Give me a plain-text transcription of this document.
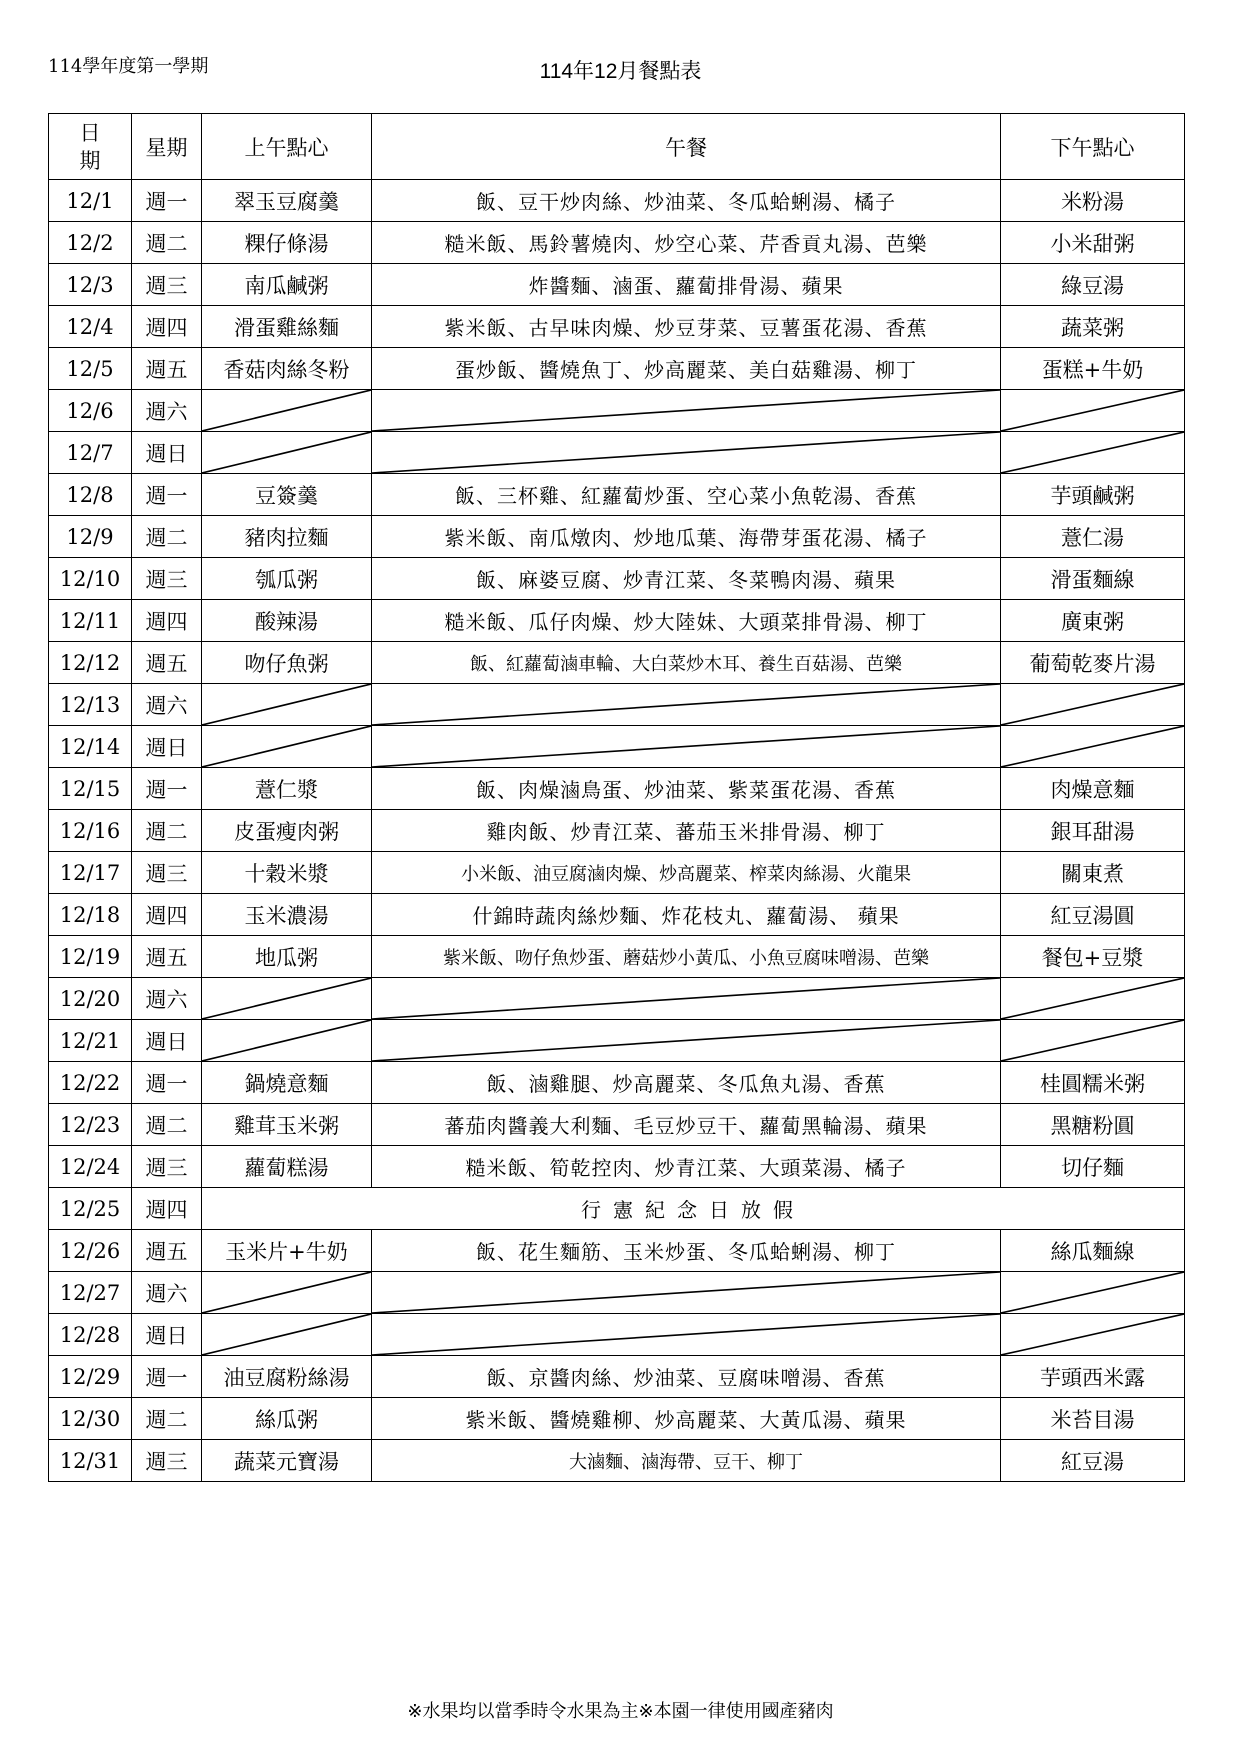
114學年度第一學期	114年12月餐點表
日
期	星期	上午點心	午餐	下午點心
12/1	週一	翠玉豆腐羹	飯、豆干炒肉絲、炒油菜、冬瓜蛤蜊湯、橘子	米粉湯
12/2	週二	粿仔條湯	糙米飯、馬鈴薯燒肉、炒空心菜、芹香貢丸湯、芭樂	小米甜粥
12/3	週三	南瓜鹹粥	炸醬麵、滷蛋、蘿蔔排骨湯、蘋果	綠豆湯
12/4	週四	滑蛋雞絲麵	紫米飯、古早味肉燥、炒豆芽菜、豆薯蛋花湯、香蕉	蔬菜粥
12/5	週五	香菇肉絲冬粉	蛋炒飯、醬燒魚丁、炒高麗菜、美白菇雞湯、柳丁	蛋糕+牛奶
12/6	週六	

12/7	週日	

12/8	週一	豆簽羹	飯、三杯雞、紅蘿蔔炒蛋、空心菜小魚乾湯、香蕉	芋頭鹹粥
12/9	週二	豬肉拉麵	紫米飯、南瓜燉肉、炒地瓜葉、海帶芽蛋花湯、橘子	薏仁湯
12/10	週三	瓠瓜粥	飯、麻婆豆腐、炒青江菜、冬菜鴨肉湯、蘋果	滑蛋麵線
12/11	週四	酸辣湯	糙米飯、瓜仔肉燥、炒大陸妹、大頭菜排骨湯、柳丁	廣東粥
12/12	週五	吻仔魚粥	飯、紅蘿蔔滷車輪、大白菜炒木耳、養生百菇湯、芭樂	葡萄乾麥片湯
12/13	週六	

12/14	週日	

12/15	週一	薏仁漿	飯、肉燥滷鳥蛋、炒油菜、紫菜蛋花湯、香蕉	肉燥意麵
12/16	週二	皮蛋瘦肉粥	雞肉飯、炒青江菜、蕃茄玉米排骨湯、柳丁	銀耳甜湯
12/17	週三	十穀米漿	小米飯、油豆腐滷肉燥、炒高麗菜、榨菜肉絲湯、火龍果	關東煮
12/18	週四	玉米濃湯	什錦時蔬肉絲炒麵、炸花枝丸、蘿蔔湯、 蘋果	紅豆湯圓
12/19	週五	地瓜粥	紫米飯、吻仔魚炒蛋、蘑菇炒小黃瓜、小魚豆腐味噌湯、芭樂	餐包+豆漿
12/20	週六	

12/21	週日	

12/22	週一	鍋燒意麵	飯、滷雞腿、炒高麗菜、冬瓜魚丸湯、香蕉	桂圓糯米粥
12/23	週二	雞茸玉米粥	蕃茄肉醬義大利麵、毛豆炒豆干、蘿蔔黑輪湯、蘋果	黑糖粉圓
12/24	週三	蘿蔔糕湯	糙米飯、筍乾控肉、炒青江菜、大頭菜湯、橘子	切仔麵
12/25	週四	行憲紀念日放假		
12/26	週五	玉米片+牛奶	飯、花生麵筋、玉米炒蛋、冬瓜蛤蜊湯、柳丁	絲瓜麵線
12/27	週六	

12/28	週日	

12/29	週一	油豆腐粉絲湯	飯、京醬肉絲、炒油菜、豆腐味噌湯、香蕉	芋頭西米露
12/30	週二	絲瓜粥	紫米飯、醬燒雞柳、炒高麗菜、大黃瓜湯、蘋果	米苔目湯
12/31	週三	蔬菜元寶湯	大滷麵、滷海帶、豆干、柳丁	紅豆湯
※水果均以當季時令水果為主※本園一律使用國產豬肉
